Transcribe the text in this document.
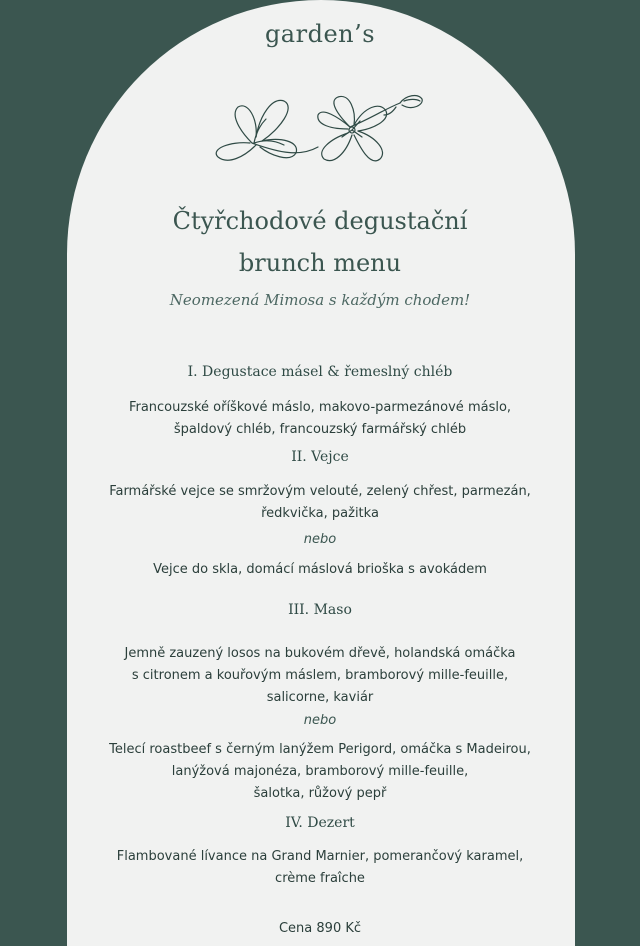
garden’s
Čtyřchodové degustační
brunch menu
Neomezená Mimosa s každým chodem!
I. Degustace másel & řemeslný chléb
Francouzské oříškové máslo, makovo-parmezánové máslo,
špaldový chléb, francouzský farmářský chléb
II. Vejce
Farmářské vejce se smržovým velouté, zelený chřest, parmezán,
ředkvička, pažitka
nebo
Vejce do skla, domácí máslová brioška s avokádem
III. Maso
Jemně zauzený losos na bukovém dřevě, holandská omáčka
s citronem a kouřovým máslem, bramborový mille-feuille,
salicorne, kaviár
nebo
Telecí roastbeef s černým lanýžem Perigord, omáčka s Madeirou,
lanýžová majonéza, bramborový mille-feuille,
šalotka, růžový pepř
IV. Dezert
Flambované lívance na Grand Marnier, pomerančový karamel,
crème fraîche
Cena 890 Kč
